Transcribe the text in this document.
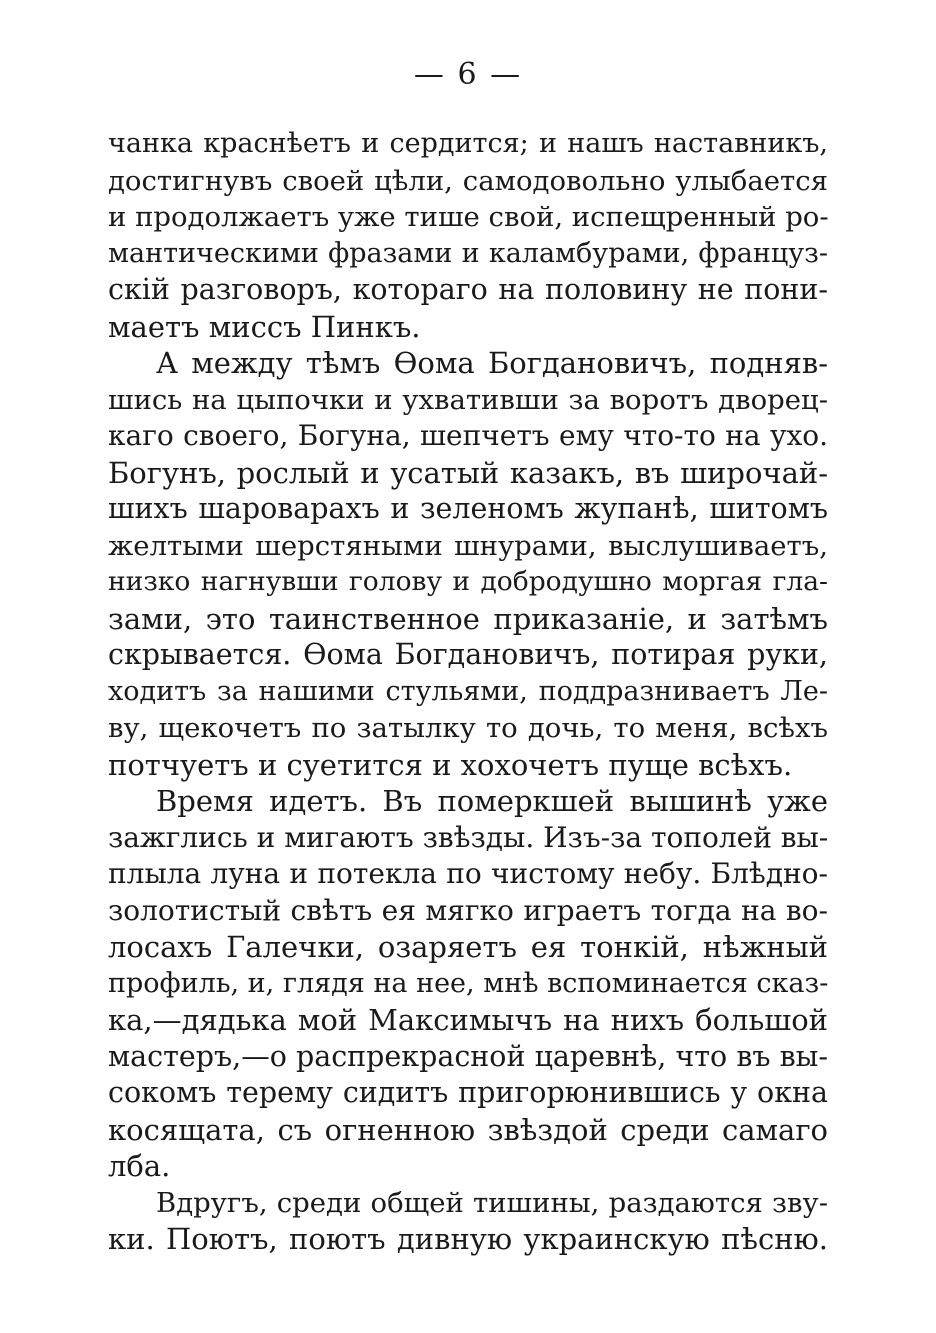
— 6 —
чанка краснѣетъ и сердится; и нашъ наставникъ,
достигнувъ своей цѣли, самодовольно улыбается
и продолжаетъ уже тише свой, испещренный ро-
мантическими фразами и каламбурами, француз-
скій разговоръ, котораго на половину не пони-
маетъ миссъ Пинкъ.
А между тѣмъ Ѳома Богдановичъ, подняв-
шись на цыпочки и ухвативши за воротъ дворец-
каго своего, Богуна, шепчетъ ему что-то на ухо.
Богунъ, рослый и усатый казакъ, въ широчай-
шихъ шароварахъ и зеленомъ жупанѣ, шитомъ
желтыми шерстяными шнурами, выслушиваетъ,
низко нагнувши голову и добродушно моргая гла-
зами, это таинственное приказаніе, и затѣмъ
скрывается. Ѳома Богдановичъ, потирая руки,
ходитъ за нашими стульями, поддразниваетъ Ле-
ву, щекочетъ по затылку то дочь, то меня, всѣхъ
потчуетъ и суетится и хохочетъ пуще всѣхъ.
Время идетъ. Въ померкшей вышинѣ уже
зажглись и мигаютъ звѣзды. Изъ-за тополей вы-
плыла луна и потекла по чистому небу. Блѣдно-
золотистый свѣтъ ея мягко играетъ тогда на во-
лосахъ Галечки, озаряетъ ея тонкій, нѣжный
профиль, и, глядя на нее, мнѣ вспоминается сказ-
ка,—дядька мой Максимычъ на нихъ большой
мастеръ,—о распрекрасной царевнѣ, что въ вы-
сокомъ терему сидитъ пригорюнившись у окна
косящата, съ огненною звѣздой среди самаго
лба.
Вдругъ, среди общей тишины, раздаются зву-
ки. Поютъ, поютъ дивную украинскую пѣсню.
